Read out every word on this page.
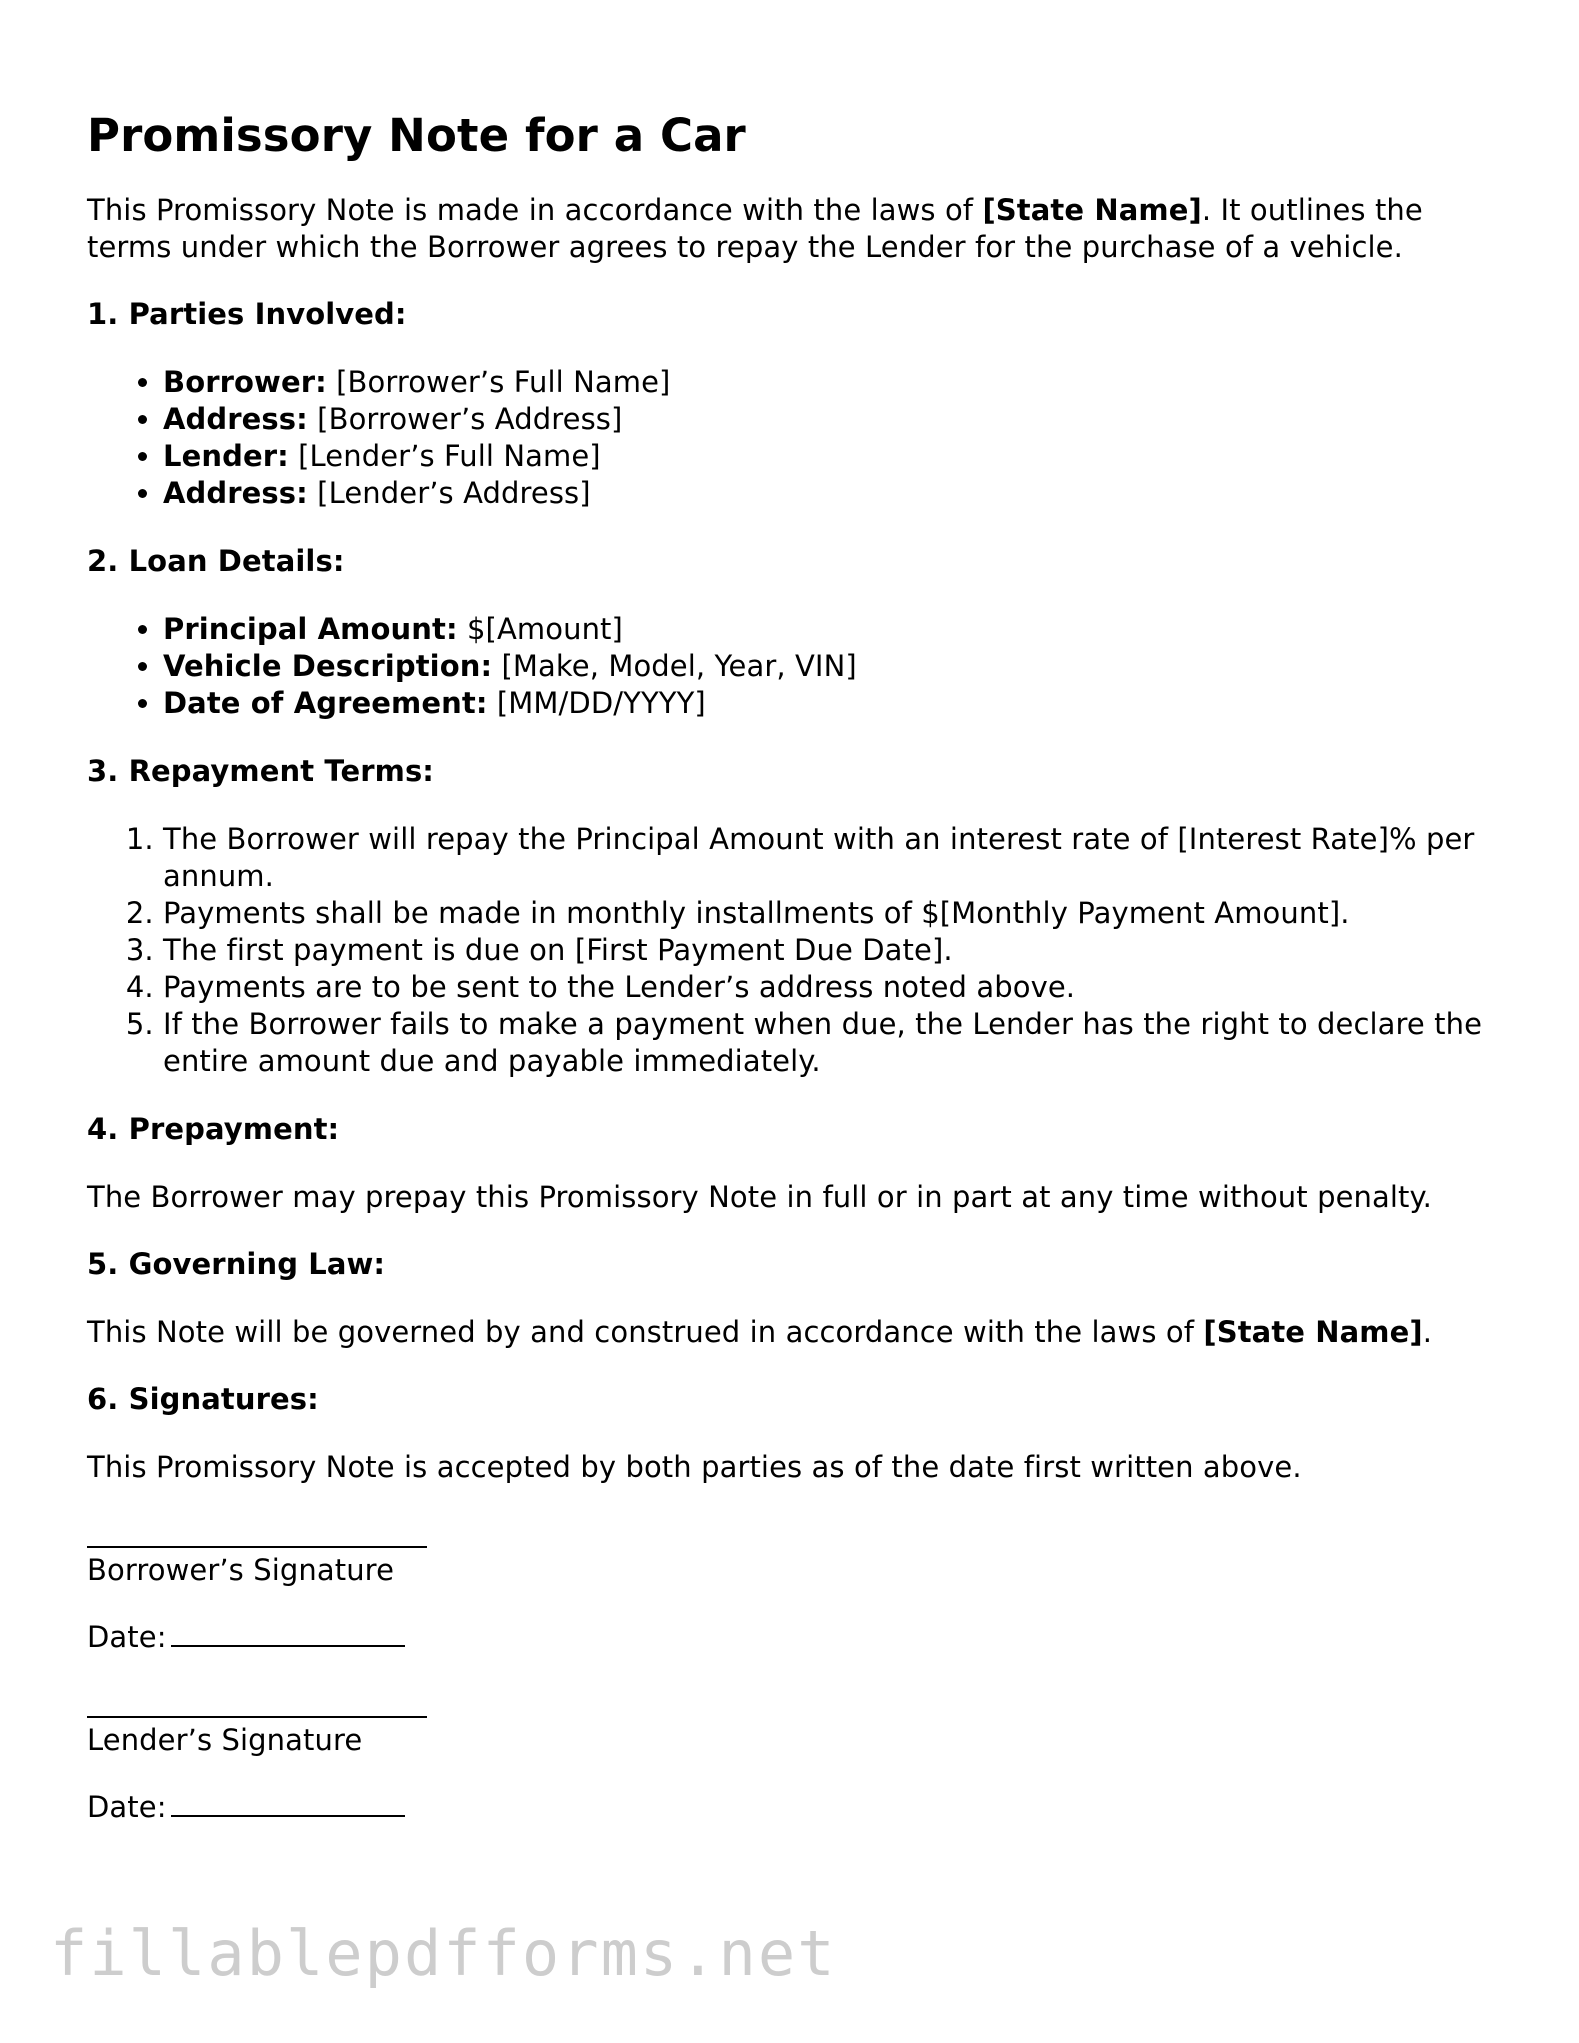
Promissory Note for a Car

This Promissory Note is made in accordance with the laws of [State Name]. It outlines the terms under which the Borrower agrees to repay the Lender for the purchase of a vehicle.

1. Parties Involved:
• Borrower: [Borrower’s Full Name]
• Address: [Borrower’s Address]
• Lender: [Lender’s Full Name]
• Address: [Lender’s Address]
2. Loan Details:
• Principal Amount: $[Amount]
• Vehicle Description: [Make, Model, Year, VIN]
• Date of Agreement: [MM/DD/YYYY]
3. Repayment Terms:
1. The Borrower will repay the Principal Amount with an interest rate of [Interest Rate]% per annum.
2. Payments shall be made in monthly installments of $[Monthly Payment Amount].
3. The first payment is due on [First Payment Due Date].
4. Payments are to be sent to the Lender’s address noted above.
5. If the Borrower fails to make a payment when due, the Lender has the right to declare the entire amount due and payable immediately.
4. Prepayment:

The Borrower may prepay this Promissory Note in full or in part at any time without penalty.

5. Governing Law:

This Note will be governed by and construed in accordance with the laws of [State Name].

6. Signatures:

This Promissory Note is accepted by both parties as of the date first written above.

Borrower’s Signature
Date:
Lender’s Signature
Date:
fillablepdfforms.net
